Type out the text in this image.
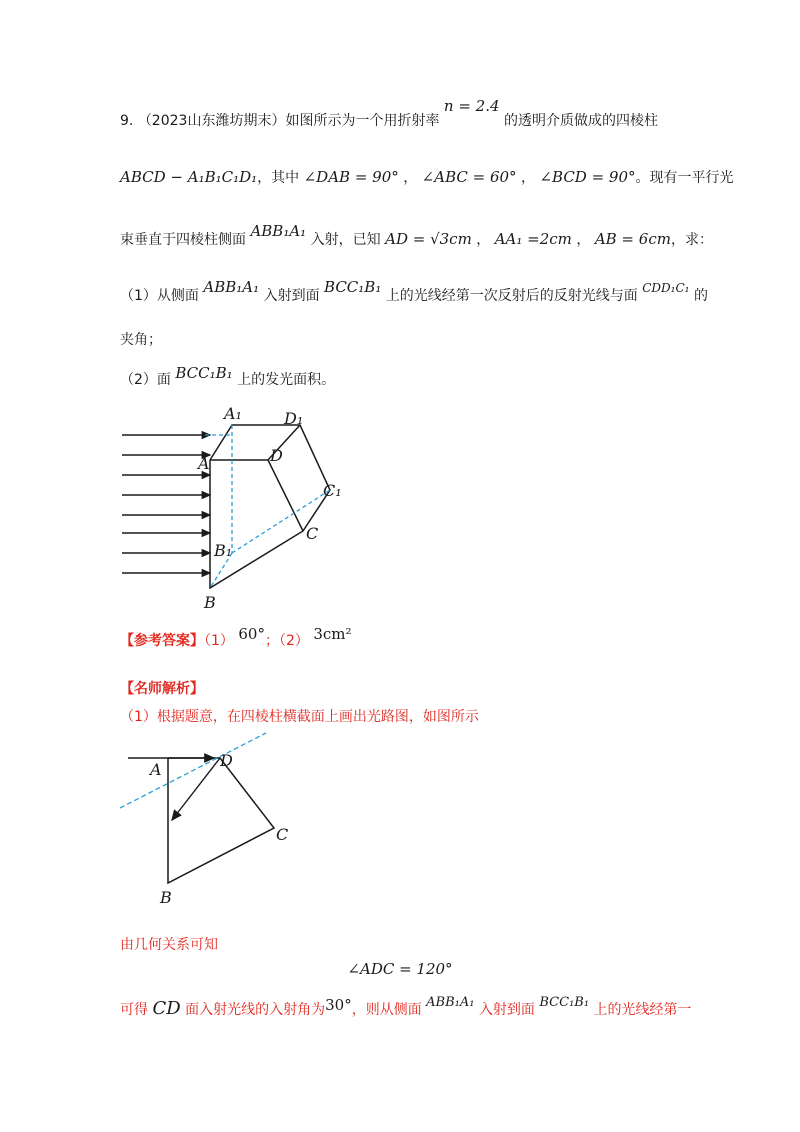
9. （2023山东潍坊期末）如图所示为一个用折射率 n = 2.4 的透明介质做成的四棱柱
ABCD − A₁B₁C₁D₁，其中 ∠DAB = 90° ， ∠ABC = 60° ， ∠BCD = 90°。现有一平行光
束垂直于四棱柱侧面 ABB₁A₁ 入射，已知 AD = √3cm ， AA₁ =2cm ， AB = 6cm，求：
（1）从侧面 ABB₁A₁ 入射到面 BCC₁B₁ 上的光线经第一次反射后的反射光线与面 CDD₁C₁ 的
夹角；
（2）面 BCC₁B₁ 上的发光面积。
A₁	D₁
A	D
C₁
C
B₁
B
【参考答案】（1） 60°；（2） 3cm²
【名师解析】
（1）根据题意，在四棱柱横截面上画出光路图，如图所示
A	D
C
B
由几何关系可知
∠ADC = 120°
可得 CD 面入射光线的入射角为30°，则从侧面 ABB₁A₁ 入射到面 BCC₁B₁ 上的光线经第一
